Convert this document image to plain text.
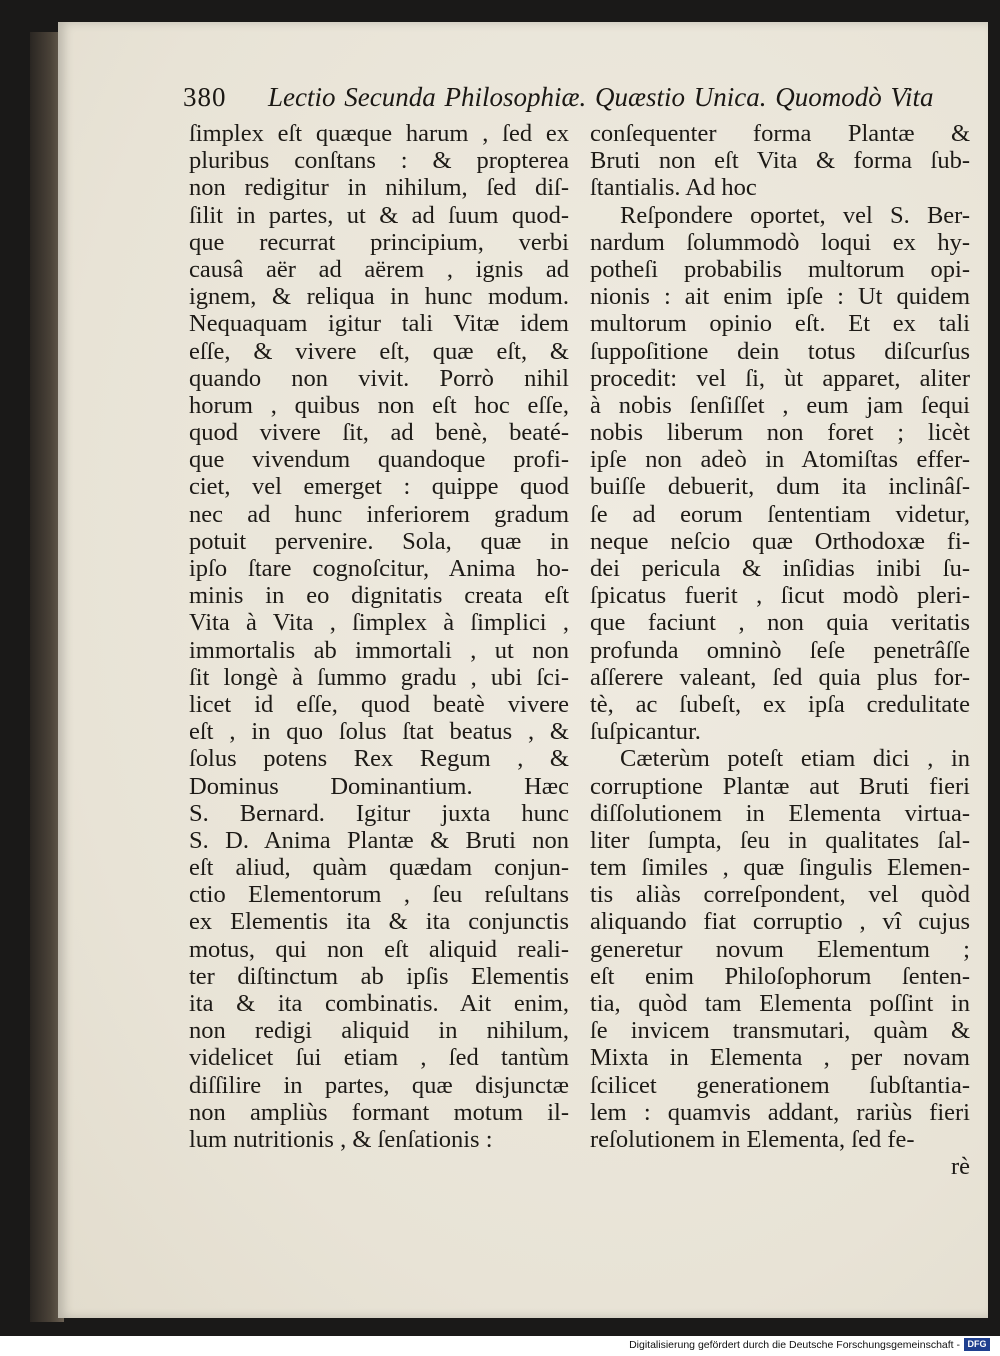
380 Lectio Secunda Philosophiæ. Quæstio Unica. Quomodò Vita
ſimplex eſt quæque harum , ſed ex
pluribus conſtans : & propterea
non redigitur in nihilum, ſed diſ-
ſilit in partes, ut & ad ſuum quod-
que recurrat principium, verbi
causâ aër ad aërem , ignis ad
ignem, & reliqua in hunc modum.
Nequaquam igitur tali Vitæ idem
eſſe, & vivere eſt, quæ eſt, &
quando non vivit. Porrò nihil
horum , quibus non eſt hoc eſſe,
quod vivere ſit, ad benè, beaté-
que vivendum quandoque profi-
ciet, vel emerget : quippe quod
nec ad hunc inferiorem gradum
potuit pervenire. Sola, quæ in
ipſo ſtare cognoſcitur, Anima ho-
minis in eo dignitatis creata eſt
Vita à Vita , ſimplex à ſimplici ,
immortalis ab immortali , ut non
ſit longè à ſummo gradu , ubi ſci-
licet id eſſe, quod beatè vivere
eſt , in quo ſolus ſtat beatus , &
ſolus potens Rex Regum , &
Dominus Dominantium. Hæc
S. Bernard. Igitur juxta hunc
S. D. Anima Plantæ & Bruti non
eſt aliud, quàm quædam conjun-
ctio Elementorum , ſeu reſultans
ex Elementis ita & ita conjunctis
motus, qui non eſt aliquid reali-
ter diſtinctum ab ipſis Elementis
ita & ita combinatis. Ait enim,
non redigi aliquid in nihilum,
videlicet ſui etiam , ſed tantùm
diſſilire in partes, quæ disjunctæ
non ampliùs formant motum il-
lum nutritionis , & ſenſationis :
conſequenter forma Plantæ &
Bruti non eſt Vita & forma ſub-
ſtantialis. Ad hoc
Reſpondere oportet, vel S. Ber-
nardum ſolummodò loqui ex hy-
potheſi probabilis multorum opi-
nionis : ait enim ipſe : Ut quidem
multorum opinio eſt. Et ex tali
ſuppoſitione dein totus diſcurſus
procedit: vel ſi, ùt apparet, aliter
à nobis ſenſiſſet , eum jam ſequi
nobis liberum non foret ; licèt
ipſe non adeò in Atomiſtas effer-
buiſſe debuerit, dum ita inclinâſ-
ſe ad eorum ſententiam videtur,
neque neſcio quæ Orthodoxæ fi-
dei pericula & inſidias inibi ſu-
ſpicatus fuerit , ſicut modò pleri-
que faciunt , non quia veritatis
profunda omninò ſeſe penetrâſſe
aſſerere valeant, ſed quia plus for-
tè, ac ſubeſt, ex ipſa credulitate
ſuſpicantur.
Cæterùm poteſt etiam dici , in
corruptione Plantæ aut Bruti fieri
diſſolutionem in Elementa virtua-
liter ſumpta, ſeu in qualitates ſal-
tem ſimiles , quæ ſingulis Elemen-
tis aliàs correſpondent, vel quòd
aliquando fiat corruptio , vî cujus
generetur novum Elementum ;
eſt enim Philoſophorum ſenten-
tia, quòd tam Elementa poſſint in
ſe invicem transmutari, quàm &
Mixta in Elementa , per novam
ſcilicet generationem ſubſtantia-
lem : quamvis addant, rariùs fieri
reſolutionem in Elementa, ſed fe-
rè
Digitalisierung gefördert durch die Deutsche Forschungsgemeinschaft - DFG
